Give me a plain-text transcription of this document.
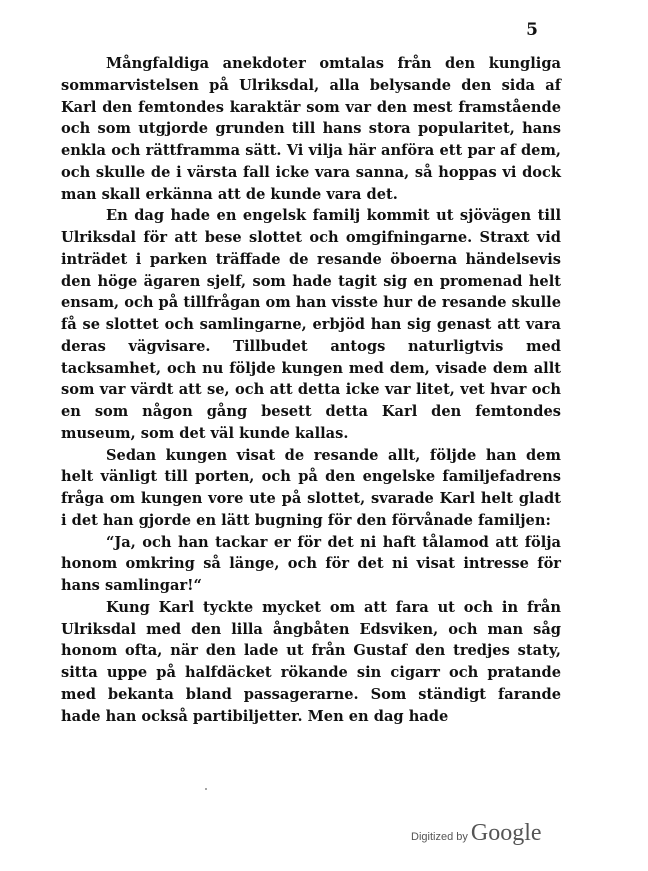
5

Mångfaldiga anekdoter omtalas från den kungliga sommarvistelsen på Ulriksdal, alla belysande den sida af Karl den femtondes karaktär som var den mest framstående och som utgjorde grunden till hans stora popularitet, hans enkla och rättframma sätt. Vi vilja här anföra ett par af dem, och skulle de i värsta fall icke vara sanna, så hoppas vi dock man skall erkänna att de kunde vara det.

En dag hade en engelsk familj kommit ut sjövägen till Ulriksdal för att bese slottet och omgifningarne. Straxt vid inträdet i parken träffade de resande öboerna händelsevis den höge ägaren sjelf, som hade tagit sig en promenad helt ensam, och på tillfrågan om han visste hur de resande skulle få se slottet och samlingarne, erbjöd han sig genast att vara deras vägvisare. Tillbudet antogs naturligtvis med tacksamhet, och nu följde kungen med dem, visade dem allt som var värdt att se, och att detta icke var litet, vet hvar och en som någon gång besett detta Karl den femtondes museum, som det väl kunde kallas.

Sedan kungen visat de resande allt, följde han dem helt vänligt till porten, och på den engelske familjefadrens fråga om kungen vore ute på slottet, svarade Karl helt gladt i det han gjorde en lätt bugning för den förvånade familjen:

“Ja, och han tackar er för det ni haft tålamod att följa honom omkring så länge, och för det ni visat intresse för hans samlingar!“

Kung Karl tyckte mycket om att fara ut och in från Ulriksdal med den lilla ångbåten Edsviken, och man såg honom ofta, när den lade ut från Gustaf den tredjes staty, sitta uppe på halfdäcket rökande sin cigarr och pratande med bekanta bland passagerarne. Som ständigt farande hade han också partibiljetter. Men en dag hade

Digitized by Google
